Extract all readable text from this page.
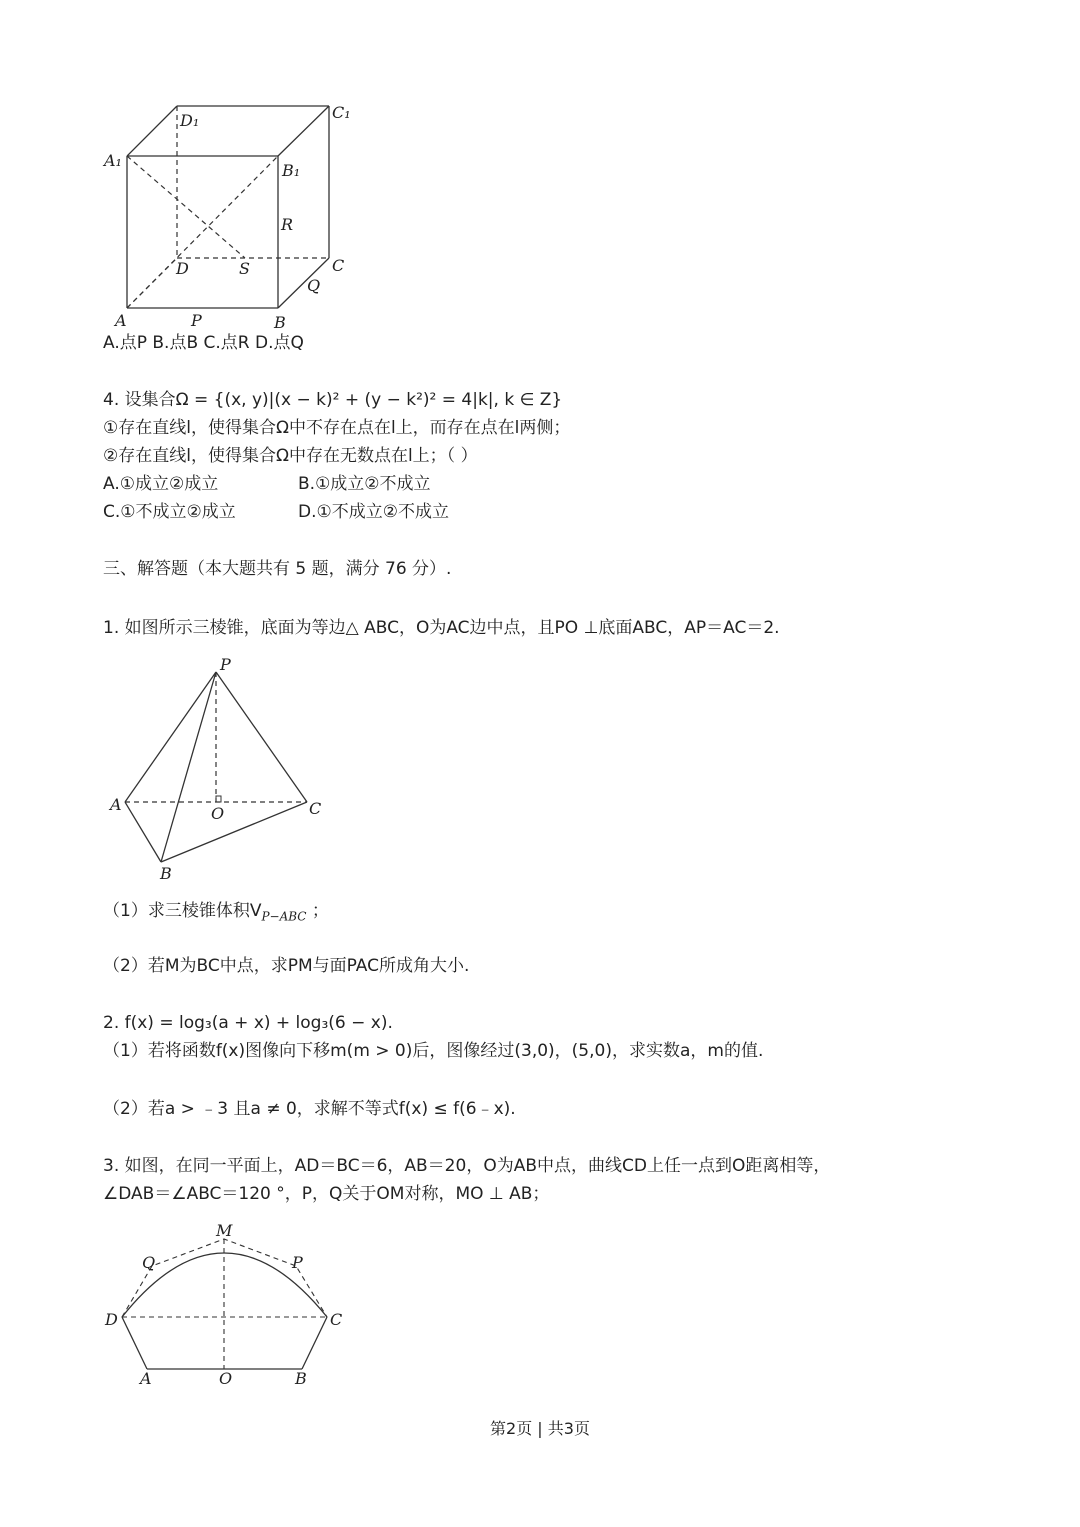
D₁	C₁
A₁
B₁
R
D	S	C
Q
A	P	B
A.点P B.点B C.点R D.点Q
4. 设集合Ω = {(x, y)|(x − k)² + (y − k²)² = 4|k|, k ∈ Z}
①存在直线l，使得集合Ω中不存在点在l上，而存在点在l两侧；
②存在直线l，使得集合Ω中存在无数点在l上；（ ）
A.①成立②成立	B.①成立②不成立
C.①不成立②成立	D.①不成立②不成立
三、解答题（本大题共有 5 题，满分 76 分）.
1. 如图所示三棱锥，底面为等边△ ABC，O为AC边中点，且PO ⊥底面ABC，AP＝AC＝2.
P
A	O	C
B
（1）求三棱锥体积$V_{P-ABC}$ ；
（2）若M为BC中点，求PM与面PAC所成角大小.
2. f(x) = log₃(a + x) + log₃(6 − x).
（1）若将函数f(x)图像向下移m(m > 0)后，图像经过(3,0)，(5,0)，求实数a，m的值.
（2）若a > ﹣3 且a ≠ 0，求解不等式f(x) ≤ f(6﹣x).
3. 如图，在同一平面上，AD＝BC＝6，AB＝20，O为AB中点，曲线CD上任一点到O距离相等，
∠DAB＝∠ABC＝120 °，P，Q关于OM对称，MO ⊥ AB；
M
Q	P
D	C
A	O	B
第2页 | 共3页
